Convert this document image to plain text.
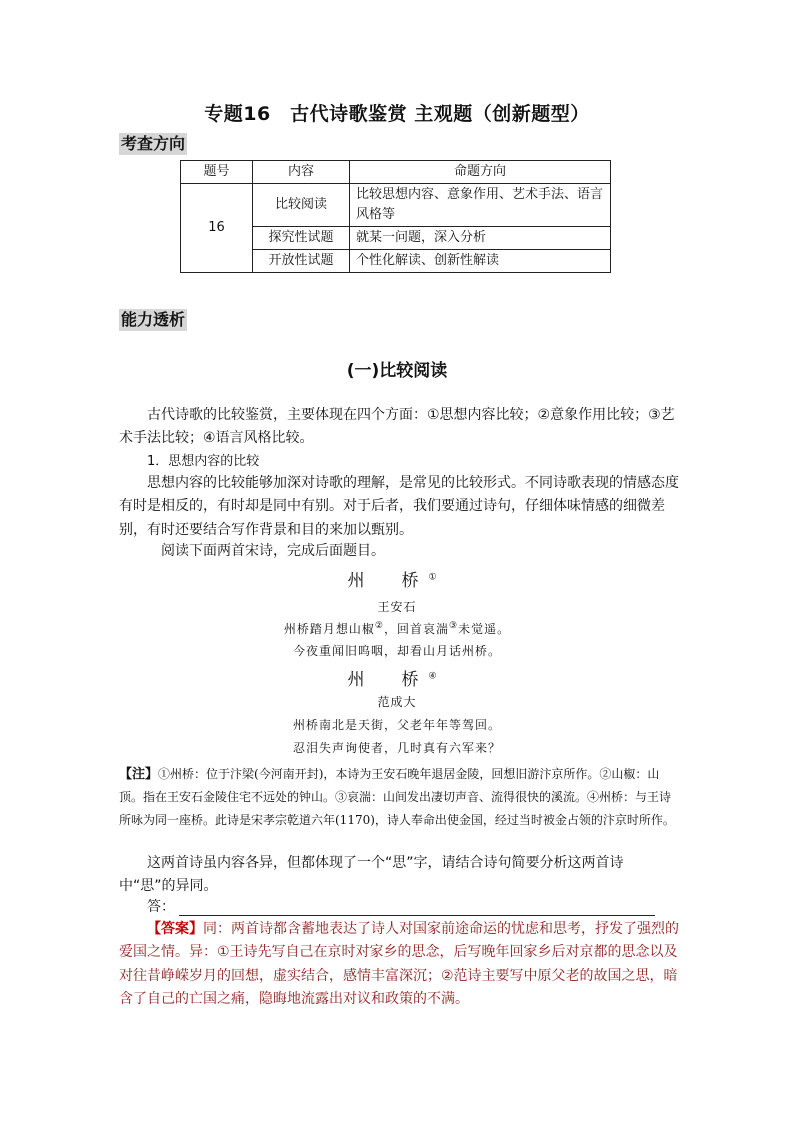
专题16　古代诗歌鉴赏 主观题（创新题型）
考查方向
题号	内容	命题方向
16	比较阅读	比较思想内容、意象作用、艺术手法、语言风格等
	探究性试题	就某一问题，深入分析
	开放性试题	个性化解读、创新性解读
能力透析
(一)比较阅读
古代诗歌的比较鉴赏，主要体现在四个方面：①思想内容比较；②意象作用比较；③艺术手法比较；④语言风格比较。
1．思想内容的比较
思想内容的比较能够加深对诗歌的理解，是常见的比较形式。不同诗歌表现的情感态度有时是相反的，有时却是同中有别。对于后者，我们要通过诗句，仔细体味情感的细微差别，有时还要结合写作背景和目的来加以甄别。
阅读下面两首宋诗，完成后面题目。
州　桥①
王安石
州桥踏月想山椒②，回首哀湍③未觉遥。
今夜重闻旧呜咽，却看山月话州桥。
州　桥④
范成大
州桥南北是天街，父老年年等驾回。
忍泪失声询使者，几时真有六军来？
【注】①州桥：位于汴梁(今河南开封)，本诗为王安石晚年退居金陵，回想旧游汴京所作。②山椒：山顶。指在王安石金陵住宅不远处的钟山。③哀湍：山间发出凄切声音、流得很快的溪流。④州桥：与王诗所咏为同一座桥。此诗是宋孝宗乾道六年(1170)，诗人奉命出使金国，经过当时被金占领的汴京时所作。
这两首诗虽内容各异，但都体现了一个“思”字，请结合诗句简要分析这两首诗中“思”的异同。
答：
【答案】同：两首诗都含蓄地表达了诗人对国家前途命运的忧虑和思考，抒发了强烈的爱国之情。异：①王诗先写自己在京时对家乡的思念，后写晚年回家乡后对京都的思念以及对往昔峥嵘岁月的回想，虚实结合，感情丰富深沉；②范诗主要写中原父老的故国之思，暗含了自己的亡国之痛，隐晦地流露出对议和政策的不满。
